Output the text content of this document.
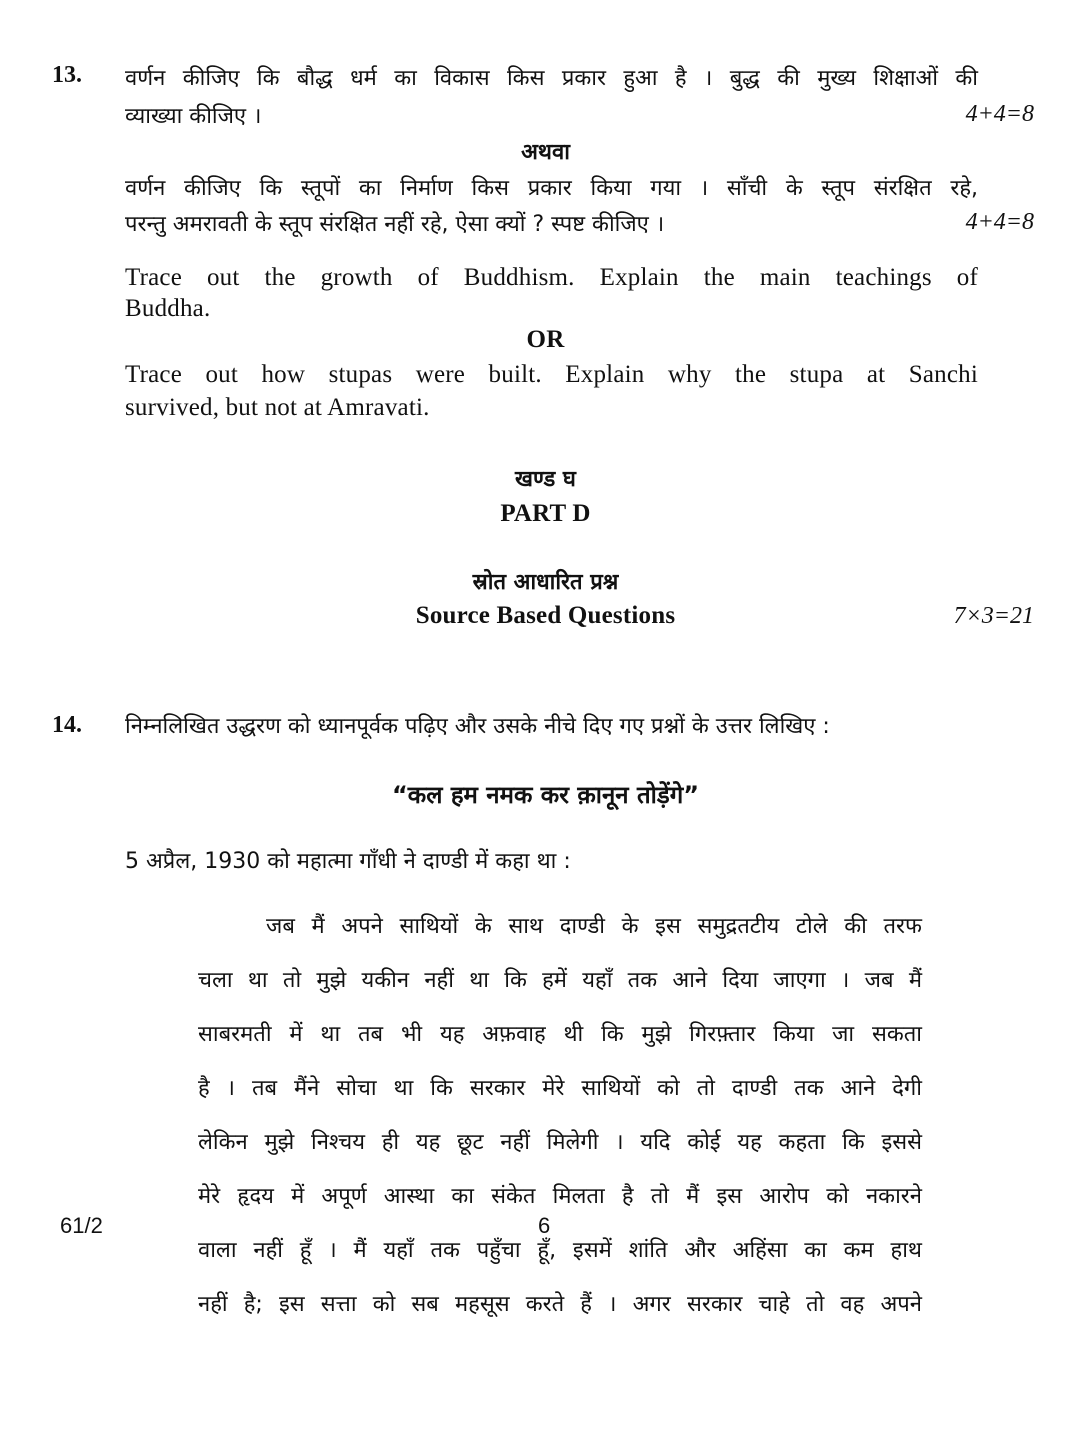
13. वर्णन कीजिए कि बौद्ध धर्म का विकास किस प्रकार हुआ है । बुद्ध की मुख्य शिक्षाओं की
व्याख्या कीजिए ।	4+4=8
अथवा
वर्णन कीजिए कि स्तूपों का निर्माण किस प्रकार किया गया । साँची के स्तूप संरक्षित रहे,
परन्तु अमरावती के स्तूप संरक्षित नहीं रहे, ऐसा क्यों ? स्पष्ट कीजिए ।	4+4=8
Trace out the growth of Buddhism. Explain the main teachings of
Buddha.
OR
Trace out how stupas were built. Explain why the stupa at Sanchi
survived, but not at Amravati.
खण्ड घ
PART D
स्रोत आधारित प्रश्न
Source Based Questions	7×3=21
14. निम्नलिखित उद्धरण को ध्यानपूर्वक पढ़िए और उसके नीचे दिए गए प्रश्नों के उत्तर लिखिए :
“कल हम नमक कर क़ानून तोड़ेंगे”
5 अप्रैल, 1930 को महात्मा गाँधी ने दाण्डी में कहा था :
जब मैं अपने साथियों के साथ दाण्डी के इस समुद्रतटीय टोले की तरफ
चला था तो मुझे यकीन नहीं था कि हमें यहाँ तक आने दिया जाएगा । जब मैं
साबरमती में था तब भी यह अफ़वाह थी कि मुझे गिरफ़्तार किया जा सकता
है । तब मैंने सोचा था कि सरकार मेरे साथियों को तो दाण्डी तक आने देगी
लेकिन मुझे निश्चय ही यह छूट नहीं मिलेगी । यदि कोई यह कहता कि इससे
मेरे हृदय में अपूर्ण आस्था का संकेत मिलता है तो मैं इस आरोप को नकारने
वाला नहीं हूँ । मैं यहाँ तक पहुँचा हूँ, इसमें शांति और अहिंसा का कम हाथ
नहीं है; इस सत्ता को सब महसूस करते हैं । अगर सरकार चाहे तो वह अपने
61/2	6
